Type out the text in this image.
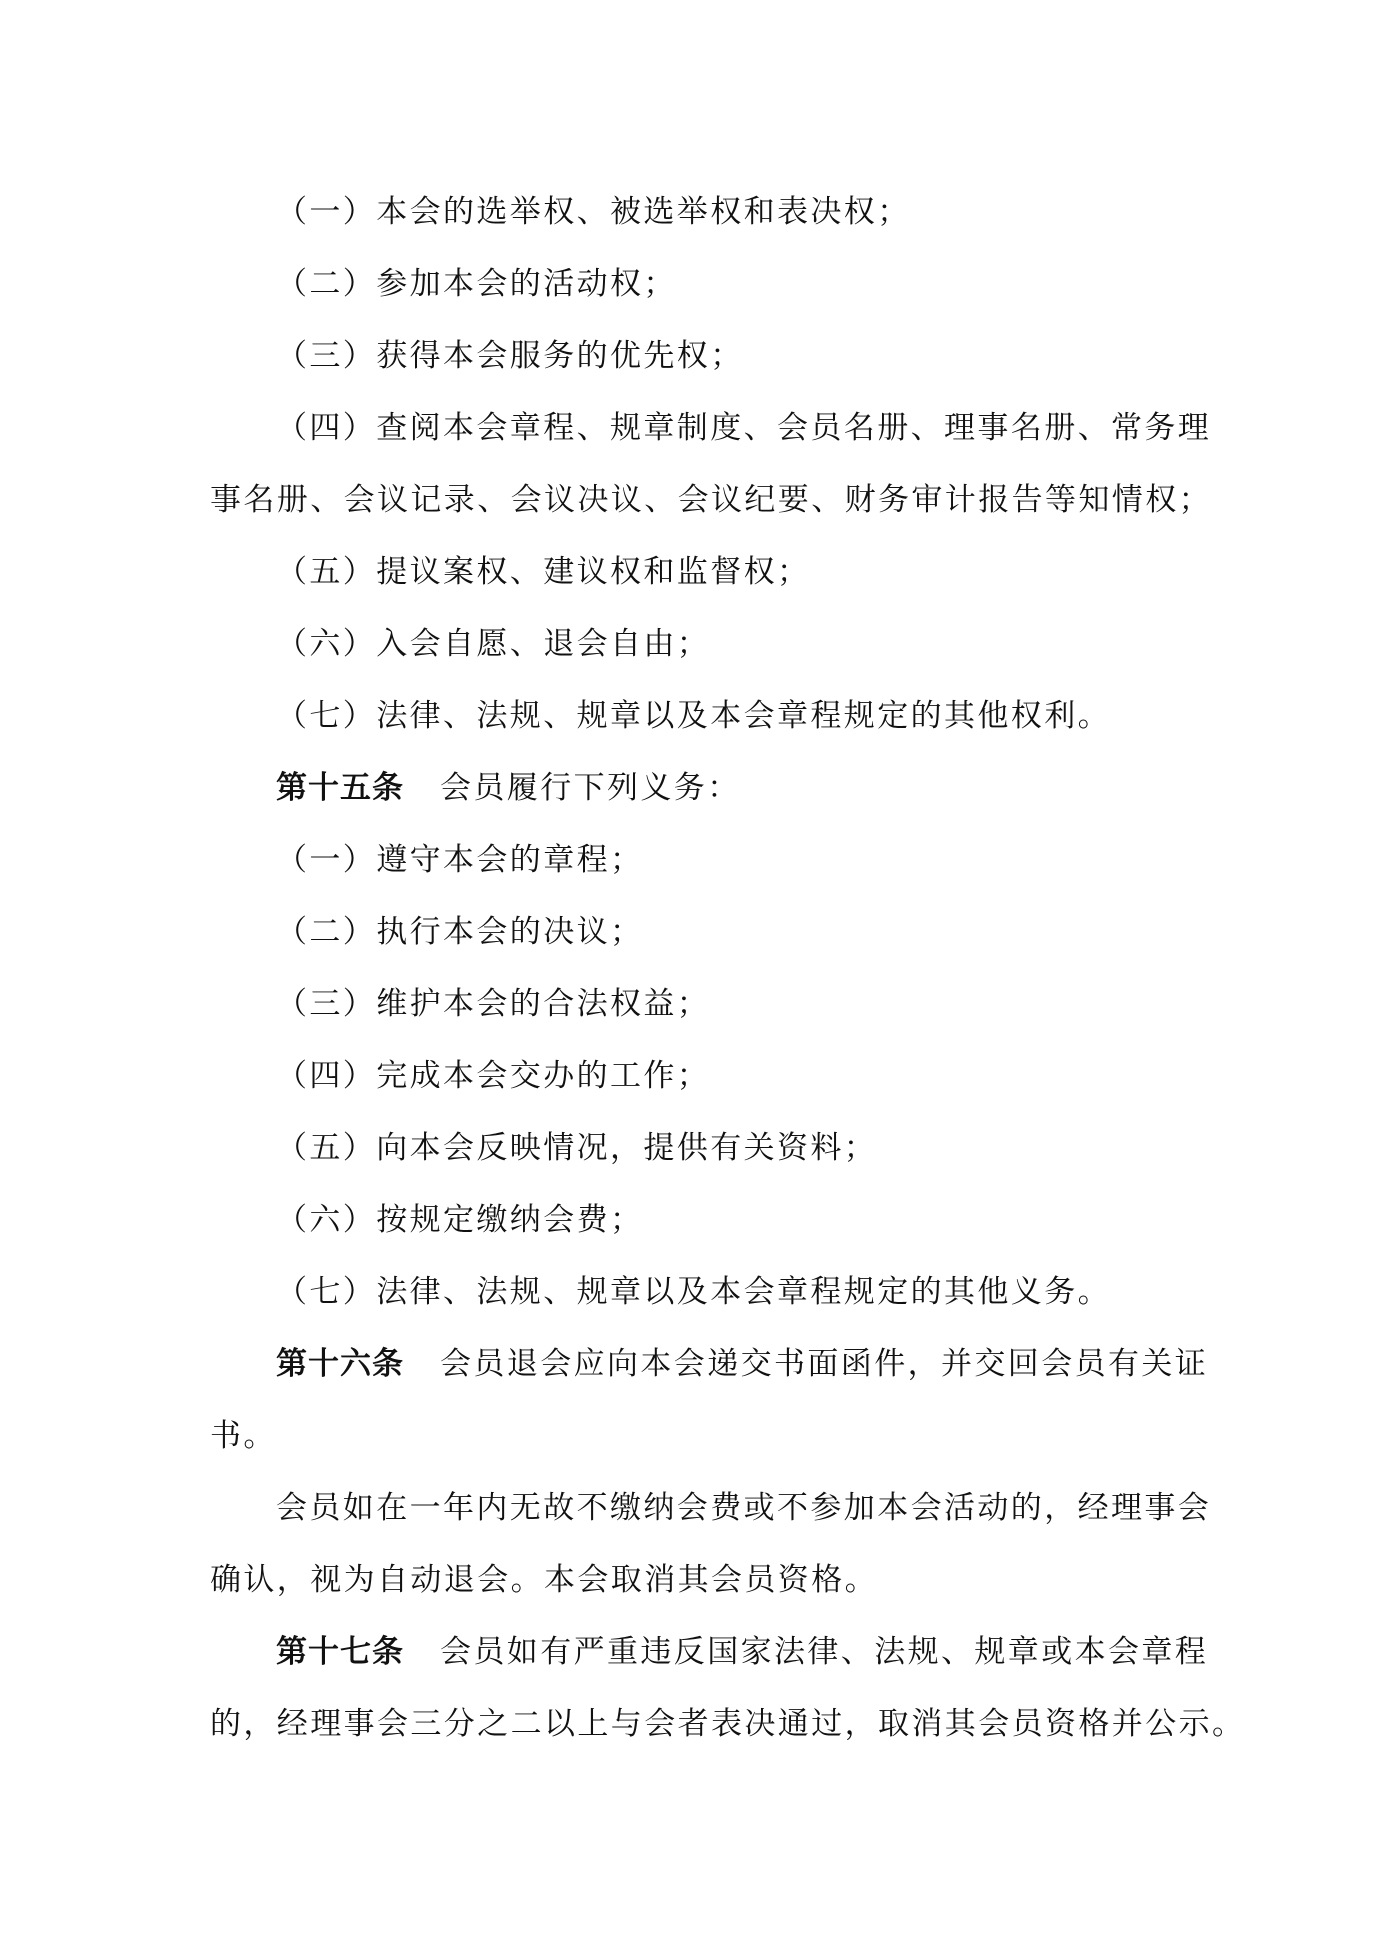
（一）本会的选举权、被选举权和表决权；
（二）参加本会的活动权；
（三）获得本会服务的优先权；
（四）查阅本会章程、规章制度、会员名册、理事名册、常务理
事名册、会议记录、会议决议、会议纪要、财务审计报告等知情权；
（五）提议案权、建议权和监督权；
（六）入会自愿、退会自由；
（七）法律、法规、规章以及本会章程规定的其他权利。
第十五条 会员履行下列义务：
（一）遵守本会的章程；
（二）执行本会的决议；
（三）维护本会的合法权益；
（四）完成本会交办的工作；
（五）向本会反映情况，提供有关资料；
（六）按规定缴纳会费；
（七）法律、法规、规章以及本会章程规定的其他义务。
第十六条 会员退会应向本会递交书面函件，并交回会员有关证
书。
会员如在一年内无故不缴纳会费或不参加本会活动的，经理事会
确认，视为自动退会。本会取消其会员资格。
第十七条 会员如有严重违反国家法律、法规、规章或本会章程
的，经理事会三分之二以上与会者表决通过，取消其会员资格并公示。
